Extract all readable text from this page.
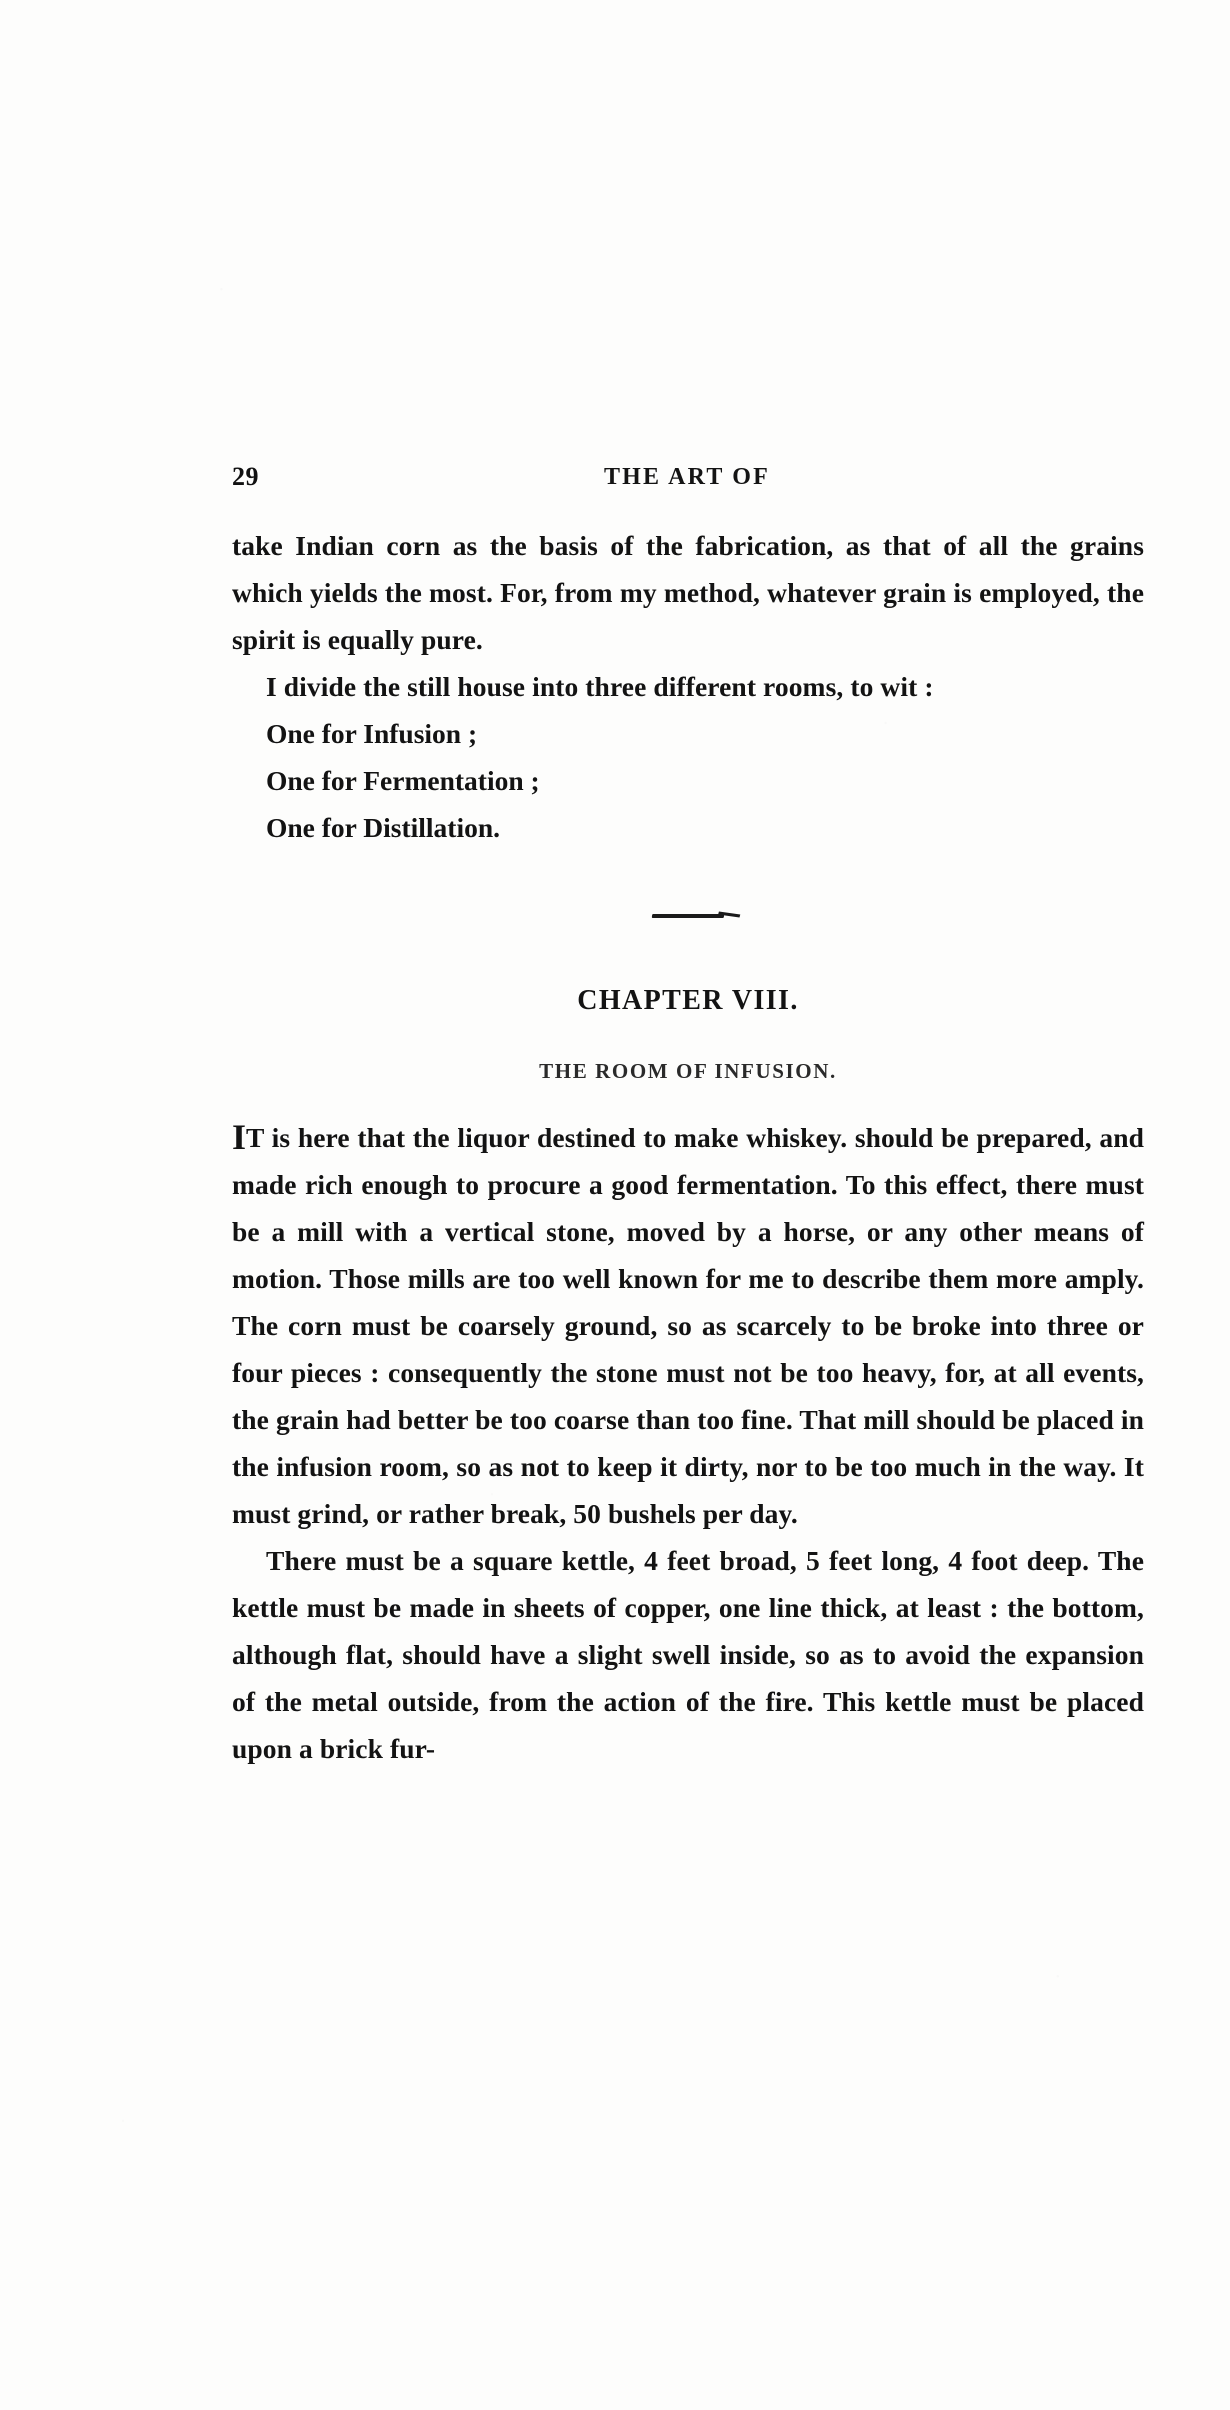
29	THE ART OF

take Indian corn as the basis of the fabrication, as that of all the grains which yields the most. For, from my method, whatever grain is employed, the spirit is equally pure.

I divide the still house into three different rooms, to wit :

One for Infusion ;
One for Fermentation ;
One for Distillation.
CHAPTER VIII.
THE ROOM OF INFUSION.

IT is here that the liquor destined to make whiskey. should be prepared, and made rich enough to procure a good fermentation. To this effect, there must be a mill with a vertical stone, moved by a horse, or any other means of motion. Those mills are too well known for me to describe them more amply. The corn must be coarsely ground, so as scarcely to be broke into three or four pieces : consequently the stone must not be too heavy, for, at all events, the grain had better be too coarse than too fine. That mill should be placed in the infusion room, so as not to keep it dirty, nor to be too much in the way. It must grind, or rather break, 50 bushels per day.

There must be a square kettle, 4 feet broad, 5 feet long, 4 foot deep. The kettle must be made in sheets of copper, one line thick, at least : the bottom, although flat, should have a slight swell inside, so as to avoid the expansion of the metal outside, from the action of the fire. This kettle must be placed upon a brick fur-
